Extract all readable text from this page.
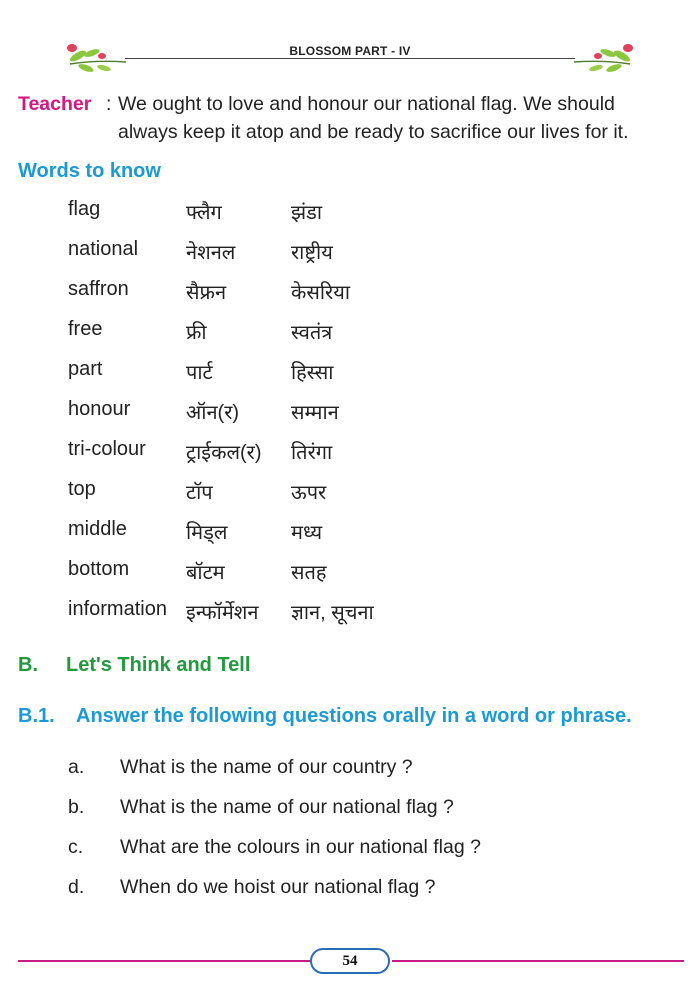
BLOSSOM PART - IV
Teacher : We ought to love and honour our national flag. We should
always keep it atop and be ready to sacrifice our lives for it.
Words to know
flag	फ्लैग	झंडा
national नेशनल	राष्ट्रीय
saffron	सैफ्रन	केसरिया
free	फ्री	स्वतंत्र
part	पार्ट	हिस्सा
honour	ऑन(र)	सम्मान
tri-colour ट्राईकल(र) तिरंगा
top	टॉप	ऊपर
middle	मिड्ल	मध्य
bottom	बॉटम	सतह
information इन्फॉर्मेशन ज्ञान, सूचना
B. Let's Think and Tell
B.1. Answer the following questions orally in a word or phrase.
a. What is the name of our country ?
b. What is the name of our national flag ?
c. What are the colours in our national flag ?
d. When do we hoist our national flag ?
54
